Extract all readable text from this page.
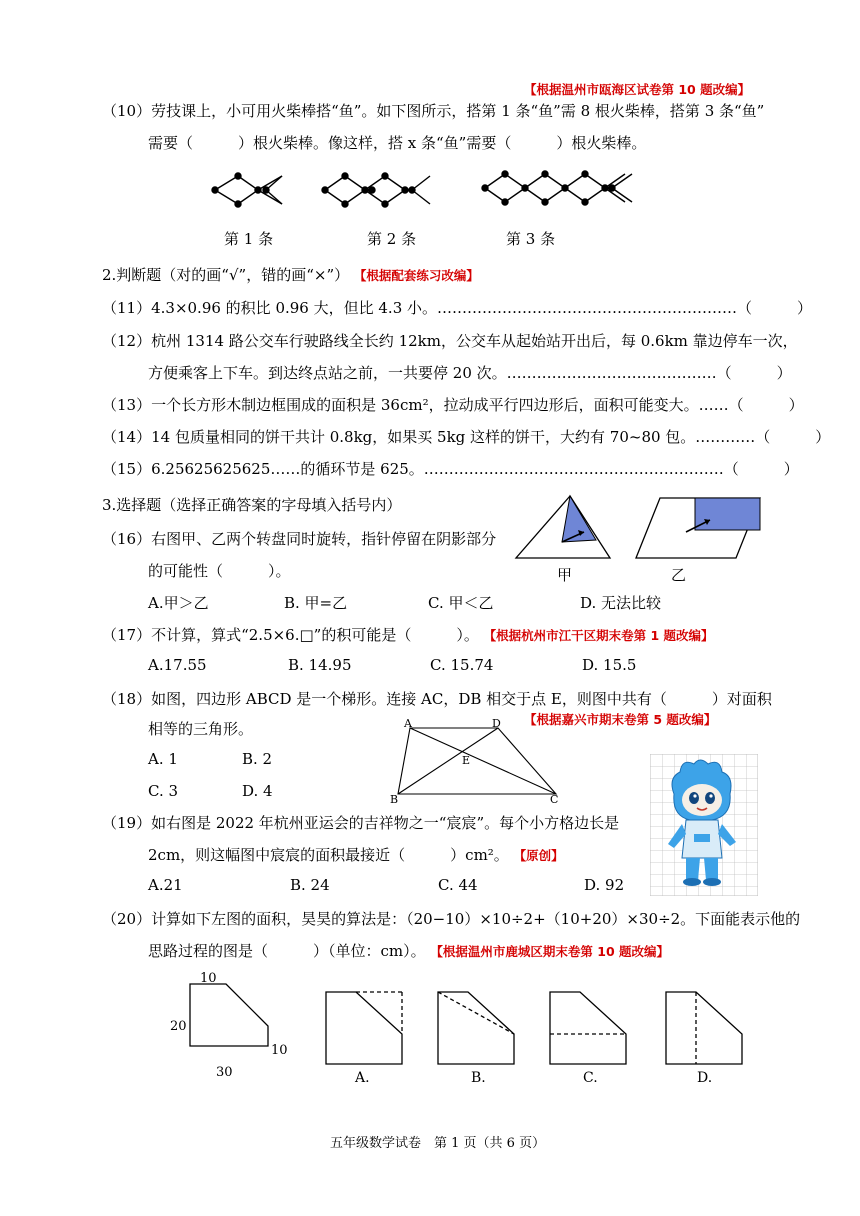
【根据温州市瓯海区试卷第 10 题改编】
（10）劳技课上，小可用火柴棒搭“鱼”。如下图所示，搭第 1 条“鱼”需 8 根火柴棒，搭第 3 条“鱼”
需要（　　　）根火柴棒。像这样，搭 x 条“鱼”需要（　　　）根火柴棒。
第 1 条	第 2 条	第 3 条
2.判断题（对的画“√”，错的画“×”） 【根据配套练习改编】
（11）4.3×0.96 的积比 0.96 大，但比 4.3 小。……………………………………………………（　　　）
（12）杭州 1314 路公交车行驶路线全长约 12km，公交车从起始站开出后，每 0.6km 靠边停车一次，
方便乘客上下车。到达终点站之前，一共要停 20 次。……………………………………（　　　）
（13）一个长方形木制边框围成的面积是 36cm²，拉动成平行四边形后，面积可能变大。……（　　　）
（14）14 包质量相同的饼干共计 0.8kg，如果买 5kg 这样的饼干，大约有 70~80 包。…………（　　　）
（15）6.25625625625……的循环节是 625。……………………………………………………（　　　）
3.选择题（选择正确答案的字母填入括号内）
（16）右图甲、乙两个转盘同时旋转，指针停留在阴影部分
的可能性（　　　）。	甲	乙
A.甲＞乙	B. 甲=乙	C. 甲＜乙	D. 无法比较
（17）不计算，算式“2.5×6.□”的积可能是（　　　）。 【根据杭州市江干区期末卷第 1 题改编】
A.17.55	B. 14.95	C. 15.74	D. 15.5
（18）如图，四边形 ABCD 是一个梯形。连接 AC，DB 相交于点 E，则图中共有（　　　）对面积
相等的三角形。
【根据嘉兴市期末卷第 5 题改编】
A. 1	B. 2
C. 3	D. 4
A	D
E
B	C
（19）如右图是 2022 年杭州亚运会的吉祥物之一“宸宸”。每个小方格边长是
2cm，则这幅图中宸宸的面积最接近（　　　）cm²。 【原创】
A.21	B. 24	C. 44	D. 92
（20）计算如下左图的面积，昊昊的算法是：（20−10）×10÷2+（10+20）×30÷2。下面能表示他的
思路过程的图是（　　　）（单位：cm）。 【根据温州市鹿城区期末卷第 10 题改编】
10
20
10
30	A.	B.	C.	D.
五年级数学试卷　第 1 页（共 6 页）
